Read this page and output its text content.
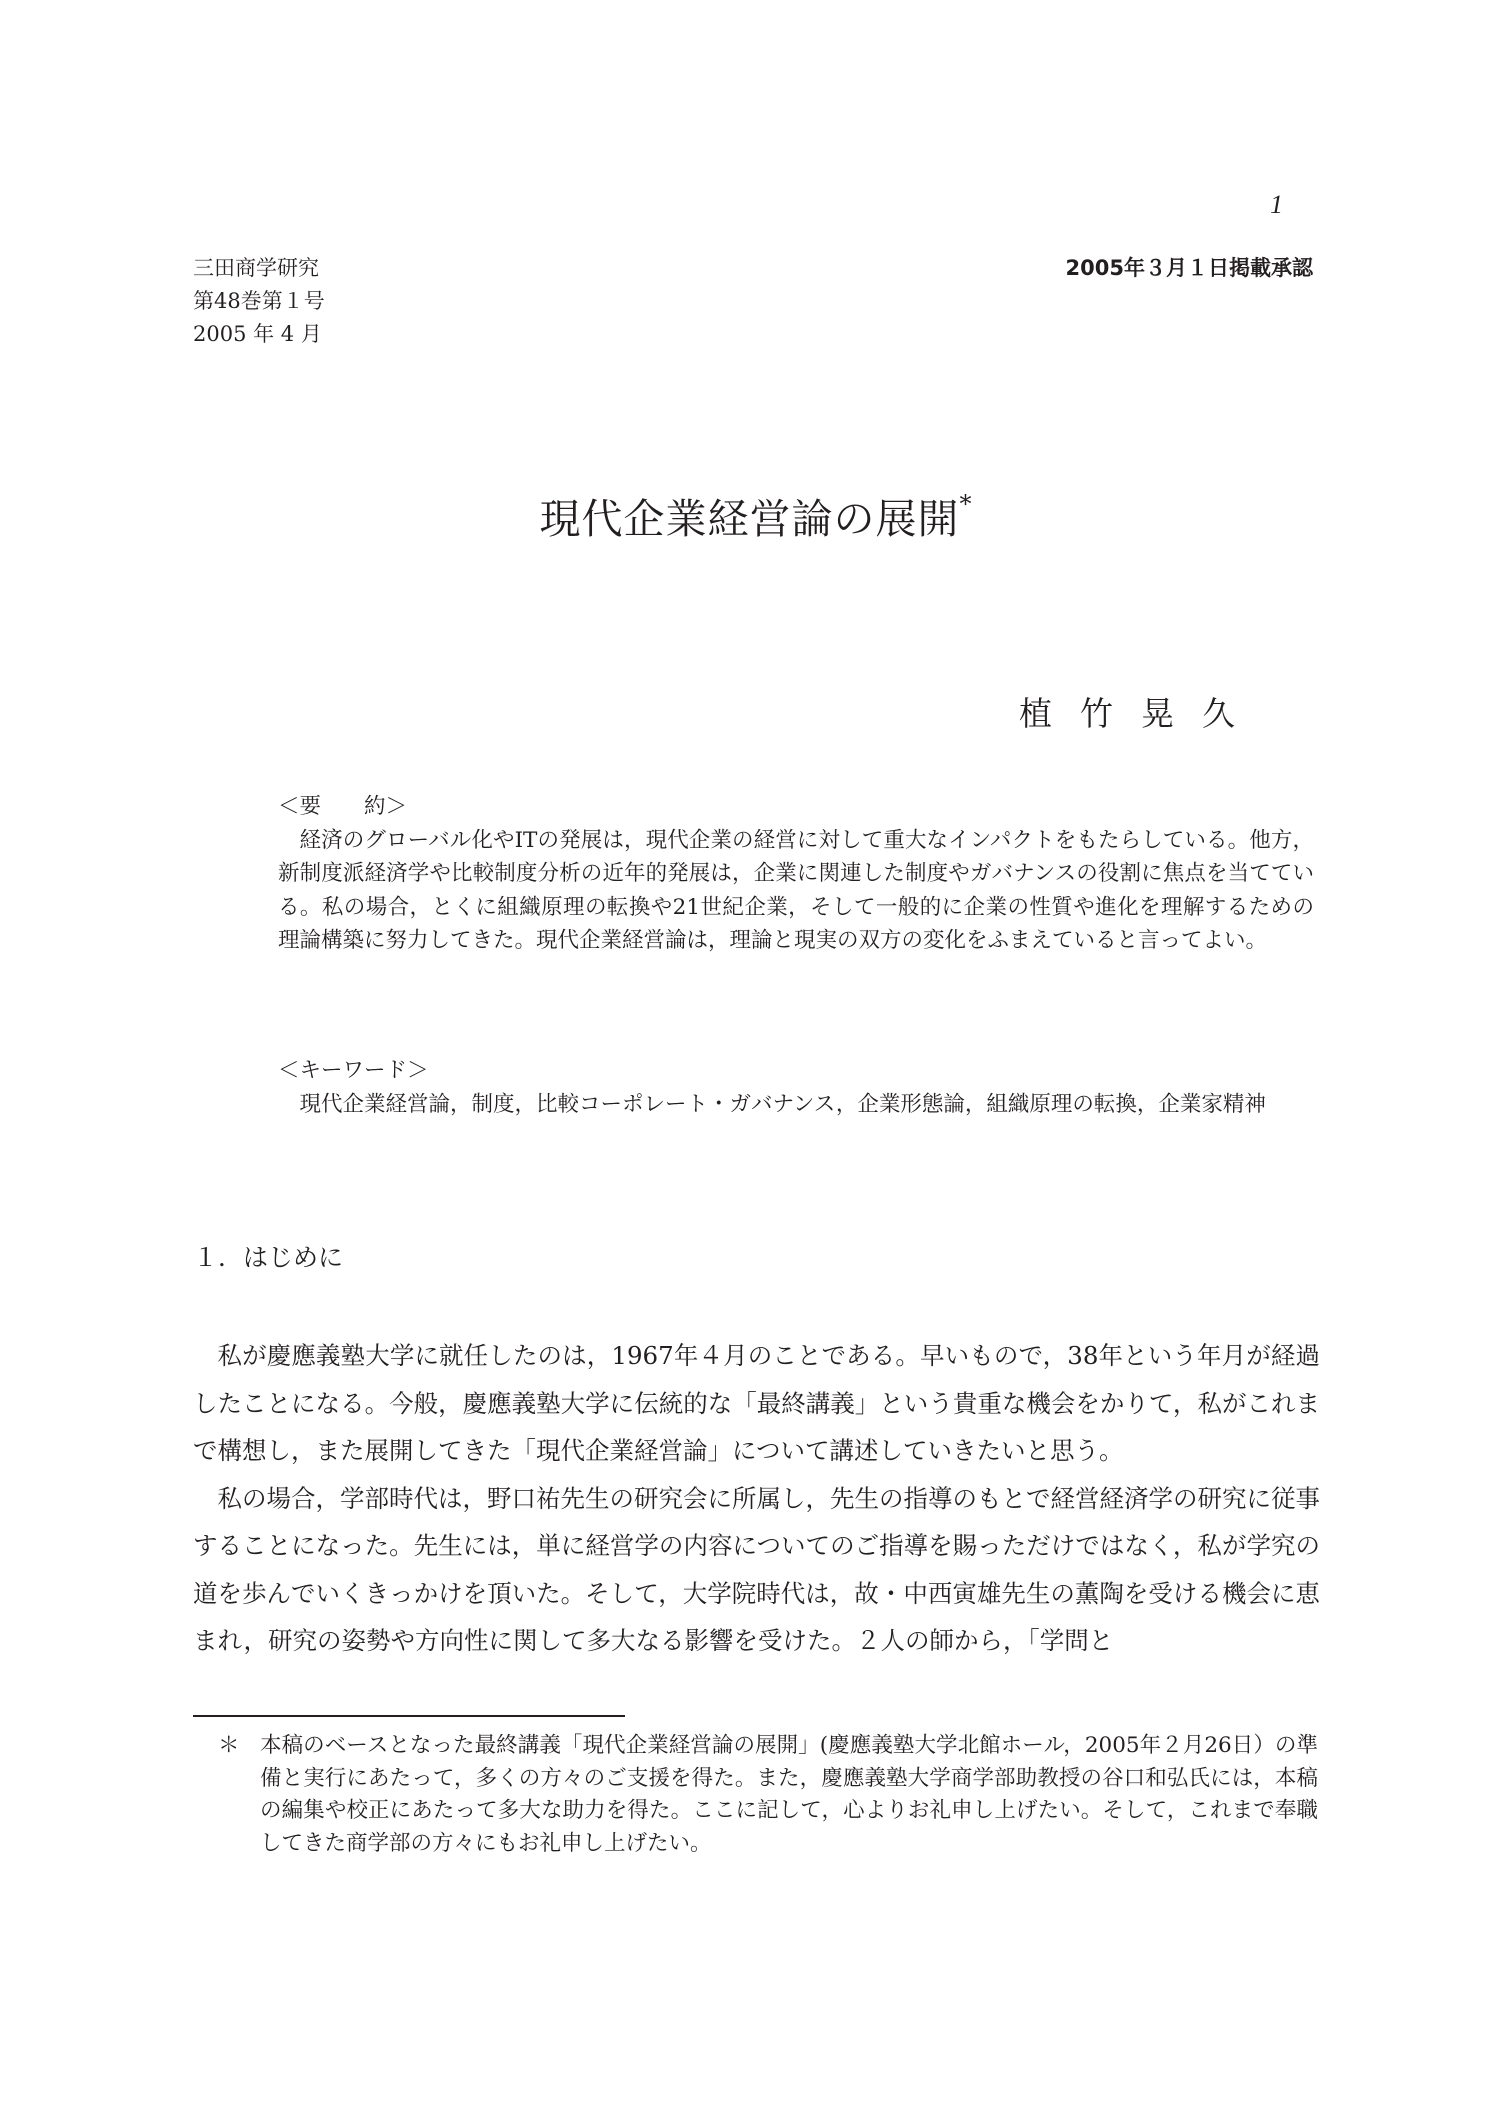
1
三田商学研究
第48巻第１号
2005 年 4 月
2005年３月１日掲載承認
現代企業経営論の展開*
植竹晃久
＜要　　約＞
経済のグローバル化やITの発展は，現代企業の経営に対して重大なインパクトをもたらしている。他方，新制度派経済学や比較制度分析の近年的発展は，企業に関連した制度やガバナンスの役割に焦点を当てている。私の場合，とくに組織原理の転換や21世紀企業，そして一般的に企業の性質や進化を理解するための理論構築に努力してきた。現代企業経営論は，理論と現実の双方の変化をふまえていると言ってよい。
＜キーワード＞
現代企業経営論，制度，比較コーポレート・ガバナンス，企業形態論，組織原理の転換，企業家精神
１．はじめに

私が慶應義塾大学に就任したのは，1967年４月のことである。早いもので，38年という年月が経過したことになる。今般，慶應義塾大学に伝統的な「最終講義」という貴重な機会をかりて，私がこれまで構想し，また展開してきた「現代企業経営論」について講述していきたいと思う。

私の場合，学部時代は，野口祐先生の研究会に所属し，先生の指導のもとで経営経済学の研究に従事することになった。先生には，単に経営学の内容についてのご指導を賜っただけではなく，私が学究の道を歩んでいくきっかけを頂いた。そして，大学院時代は，故・中西寅雄先生の薫陶を受ける機会に恵まれ，研究の姿勢や方向性に関して多大なる影響を受けた。２人の師から，「学問と

＊ 本稿のベースとなった最終講義「現代企業経営論の展開」(慶應義塾大学北館ホール，2005年２月26日）の準備と実行にあたって，多くの方々のご支援を得た。また，慶應義塾大学商学部助教授の谷口和弘氏には，本稿の編集や校正にあたって多大な助力を得た。ここに記して，心よりお礼申し上げたい。そして，これまで奉職してきた商学部の方々にもお礼申し上げたい。
